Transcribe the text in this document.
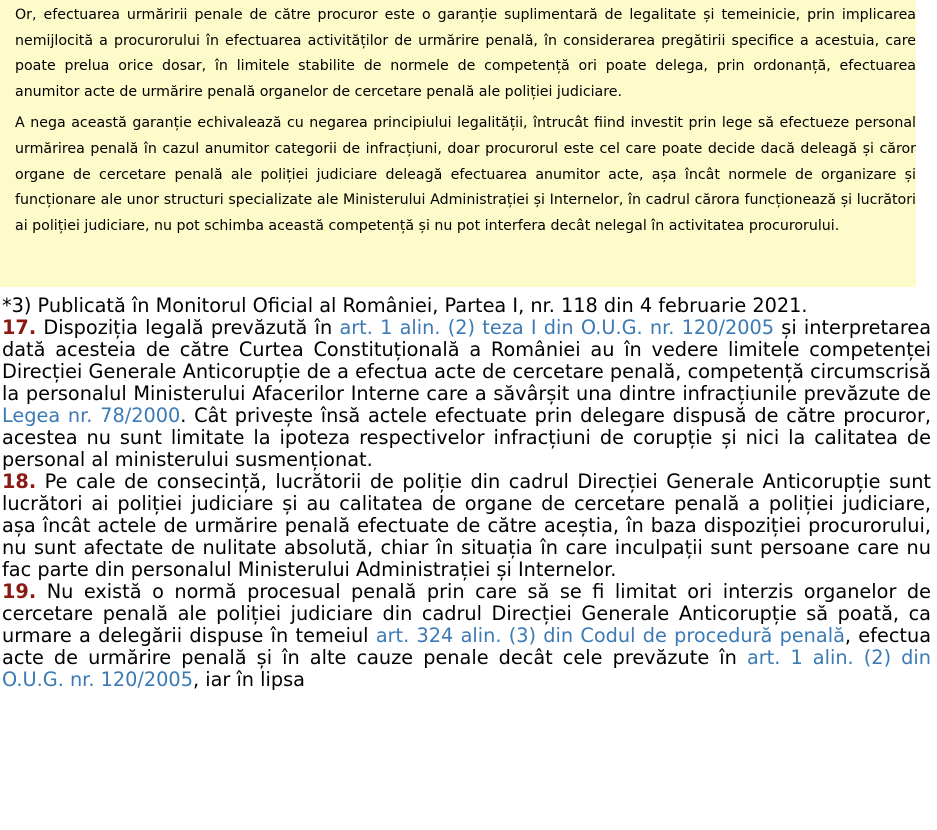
Or, efectuarea urmăririi penale de către procuror este o garanție suplimentară de legalitate și temeinicie, prin implicarea nemijlocită a procurorului în efectuarea activităților de urmărire penală, în considerarea pregătirii specifice a acestuia, care poate prelua orice dosar, în limitele stabilite de normele de competență ori poate delega, prin ordonanță, efectuarea anumitor acte de urmărire penală organelor de cercetare penală ale poliției judiciare.

A nega această garanție echivalează cu negarea principiului legalității, întrucât fiind investit prin lege să efectueze personal urmărirea penală în cazul anumitor categorii de infracțiuni, doar procurorul este cel care poate decide dacă deleagă și căror organe de cercetare penală ale poliției judiciare deleagă efectuarea anumitor acte, așa încât normele de organizare și funcționare ale unor structuri specializate ale Ministerului Administrației și Internelor, în cadrul cărora funcționează și lucrători ai poliției judiciare, nu pot schimba această competență și nu pot interfera decât nelegal în activitatea procurorului.

*3) Publicată în Monitorul Oficial al României, Partea I, nr. 118 din 4 februarie 2021.

17. Dispoziția legală prevăzută în art. 1 alin. (2) teza I din O.U.G. nr. 120/2005 și interpretarea dată acesteia de către Curtea Constituțională a României au în vedere limitele competenței Direcției Generale Anticorupție de a efectua acte de cercetare penală, competență circumscrisă la personalul Ministerului Afacerilor Interne care a săvârșit una dintre infracțiunile prevăzute de Legea nr. 78/2000. Cât privește însă actele efectuate prin delegare dispusă de către procuror, acestea nu sunt limitate la ipoteza respectivelor infracțiuni de corupție și nici la calitatea de personal al ministerului susmenționat.

18. Pe cale de consecință, lucrătorii de poliție din cadrul Direcției Generale Anticorupție sunt lucrători ai poliției judiciare și au calitatea de organe de cercetare penală a poliției judiciare, așa încât actele de urmărire penală efectuate de către aceștia, în baza dispoziției procurorului, nu sunt afectate de nulitate absolută, chiar în situația în care inculpații sunt persoane care nu fac parte din personalul Ministerului Administrației și Internelor.

19. Nu există o normă procesual penală prin care să se fi limitat ori interzis organelor de cercetare penală ale poliției judiciare din cadrul Direcției Generale Anticorupție să poată, ca urmare a delegării dispuse în temeiul art. 324 alin. (3) din Codul de procedură penală, efectua acte de urmărire penală și în alte cauze penale decât cele prevăzute în art. 1 alin. (2) din O.U.G. nr. 120/2005, iar în lipsa
